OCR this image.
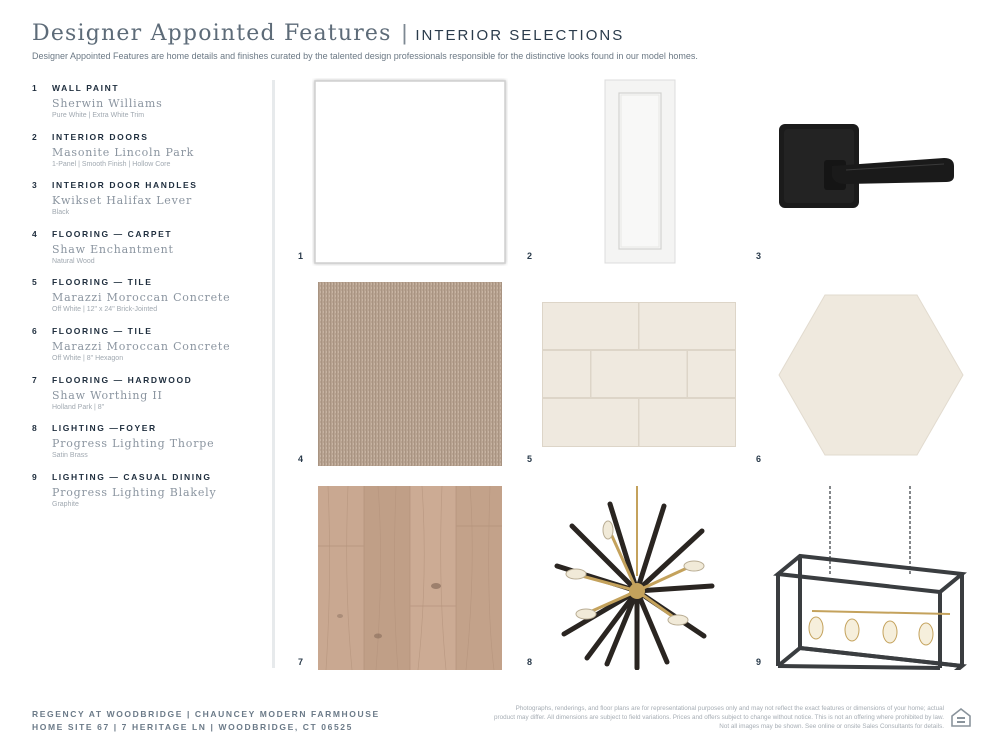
Designer Appointed Features | INTERIOR SELECTIONS
Designer Appointed Features are home details and finishes curated by the talented design professionals responsible for the distinctive looks found in our model homes.
1	WALL PAINT
Sherwin Williams
Pure White | Extra White Trim
2	INTERIOR DOORS
Masonite Lincoln Park
1-Panel | Smooth Finish | Hollow Core
3	INTERIOR DOOR HANDLES
Kwikset Halifax Lever
Black
4	FLOORING — CARPET
Shaw Enchantment
Natural Wood
5	FLOORING — TILE
Marazzi Moroccan Concrete
Off White | 12" x 24" Brick-Jointed
6	FLOORING — TILE
Marazzi Moroccan Concrete
Off White | 8" Hexagon
7	FLOORING — HARDWOOD
Shaw Worthing II
Holland Park | 8"
8	LIGHTING —FOYER
Progress Lighting Thorpe
Satin Brass
9	LIGHTING — CASUAL DINING
Progress Lighting Blakely
Graphite
1	2	3
4	5	6
7	8	9
REGENCY AT WOODBRIDGE | CHAUNCEY MODERN FARMHOUSE
HOME SITE 67 | 7 HERITAGE LN | WOODBRIDGE, CT 06525
Photographs, renderings, and floor plans are for representational purposes only and may not reflect the exact features or dimensions of your home; actual product may differ. All dimensions are subject to field variations. Prices and offers subject to change without notice. This is not an offering where prohibited by law. Not all images may be shown. See online or onsite Sales Consultants for details.
